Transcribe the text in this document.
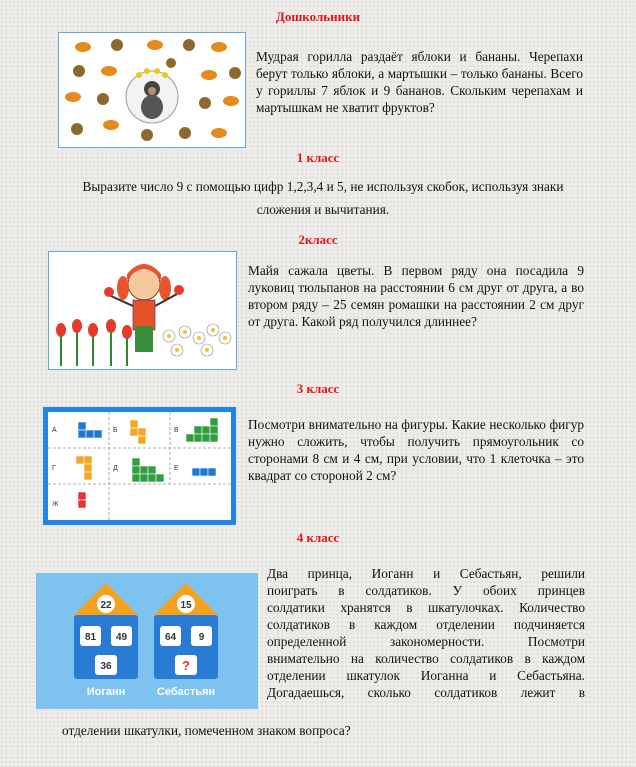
Дошкольники
Мудрая горилла раздаёт яблоки и бананы. Черепахи берут только яблоки, а мартышки – только бананы. Всего у гориллы 7 яблок и 9 бананов. Скольким черепахам и мартышкам не хватит фруктов?
1 класс
Выразите число 9 с помощью цифр 1,2,3,4 и 5, не используя скобок, используя знаки сложения и вычитания.
2класс
Майя сажала цветы. В первом ряду она посадила 9 луковиц тюльпанов на расстоянии 6 см друг от друга, а во втором ряду – 25 семян ромашки на расстоянии 2 см друг от друга. Какой ряд получился длиннее?
3 класс
А	Б	В
Г	Д	Е
Ж
Посмотри внимательно на фигуры. Какие несколько фигур нужно сложить, чтобы получить прямоугольник со сторонами 8 см и 4 см, при условии, что 1 клеточка – это квадрат со стороной 2 см?
4 класс
22
81 49
36
Иоганн
15
64 9
?
Себастьян
Два принца, Иоганн и Себастьян, решили
поиграть в солдатиков. У обоих принцев
солдатики хранятся в шкатулочках. Количество
солдатиков в каждом отделении подчиняется
определенной закономерности. Посмотри
внимательно на количество солдатиков в каждом
отделении шкатулок Иоганна и Себастьяна.
Догадаешься, сколько солдатиков лежит в
отделении шкатулки, помеченном знаком вопроса?
